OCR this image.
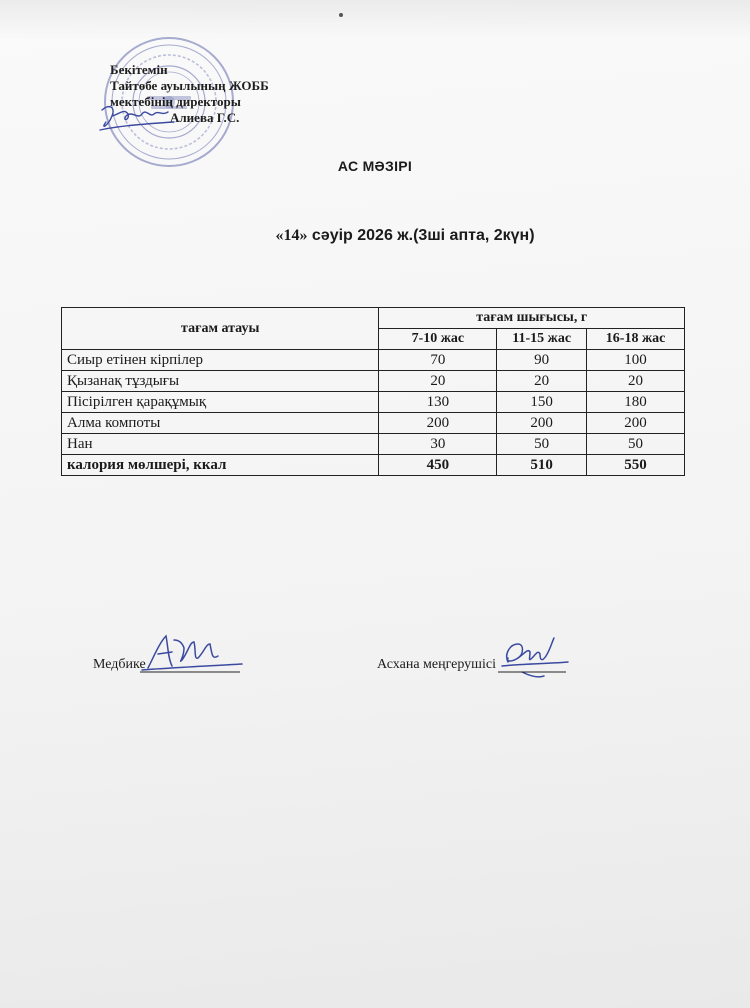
Бекітемін
Тайтөбе ауылының ЖОББ
мектебінің директоры
Алиева Г.С.
АС МӘЗІРІ
«14» сәуір 2026 ж.(3ші апта, 2күн)
тағам атауы	тағам шығысы, г		
	7-10 жас	11-15 жас	16-18 жас
Сиыр етінен кірпілер	70	90	100
Қызанақ тұздығы	20	20	20
Пісірілген қарақұмық	130	150	180
Алма компоты	200	200	200
Нан	30	50	50
калория мөлшері, ккал	450	510	550
Медбике	Асхана меңгерушісі
